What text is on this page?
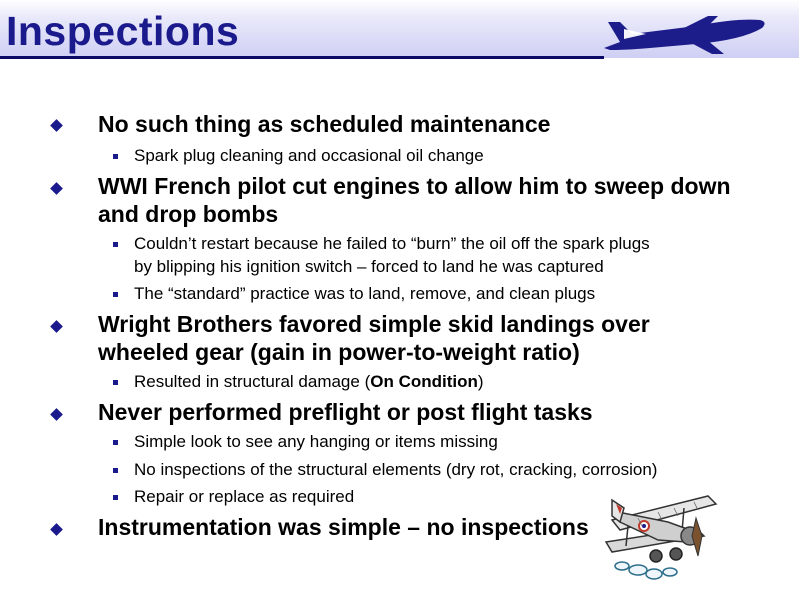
Inspections
No such thing as scheduled maintenance
Spark plug cleaning and occasional oil change
WWI French pilot cut engines to allow him to sweep down
and drop bombs
Couldn’t restart because he failed to “burn” the oil off the spark plugs
by blipping his ignition switch – forced to land he was captured
The “standard” practice was to land, remove, and clean plugs
Wright Brothers favored simple skid landings over
wheeled gear (gain in power-to-weight ratio)
Resulted in structural damage (On Condition)
Never performed preflight or post flight tasks
Simple look to see any hanging or items missing
No inspections of the structural elements (dry rot, cracking, corrosion)
Repair or replace as required
Instrumentation was simple – no inspections
